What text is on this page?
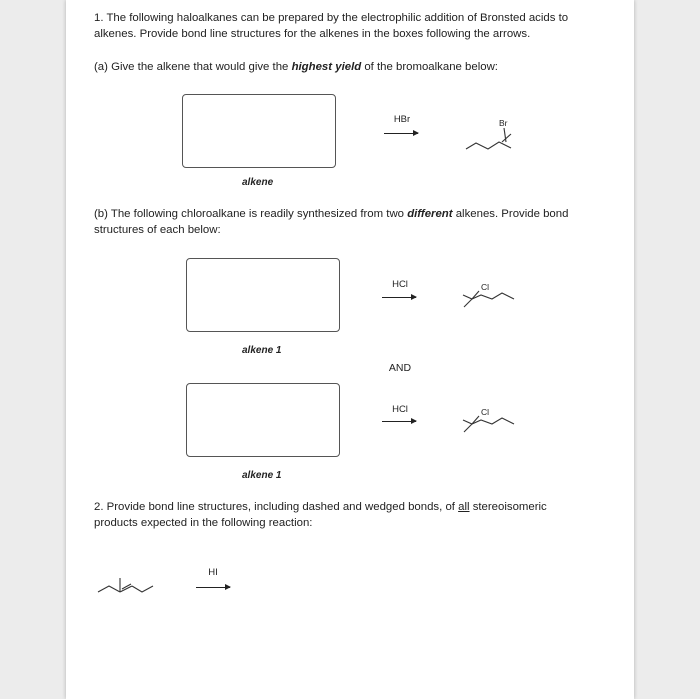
1. The following haloalkanes can be prepared by the electrophilic addition of Bronsted acids to
alkenes. Provide bond line structures for the alkenes in the boxes following the arrows.
(a) Give the alkene that would give the highest yield of the bromoalkane below:
alkene
HBr	Br
(b) The following chloroalkane is readily synthesized from two different alkenes. Provide bond
structures of each below:
alkene 1
HCl	Cl
AND
alkene 1
HCl	Cl
2. Provide bond line structures, including dashed and wedged bonds, of all stereoisomeric
products expected in the following reaction:
HI
